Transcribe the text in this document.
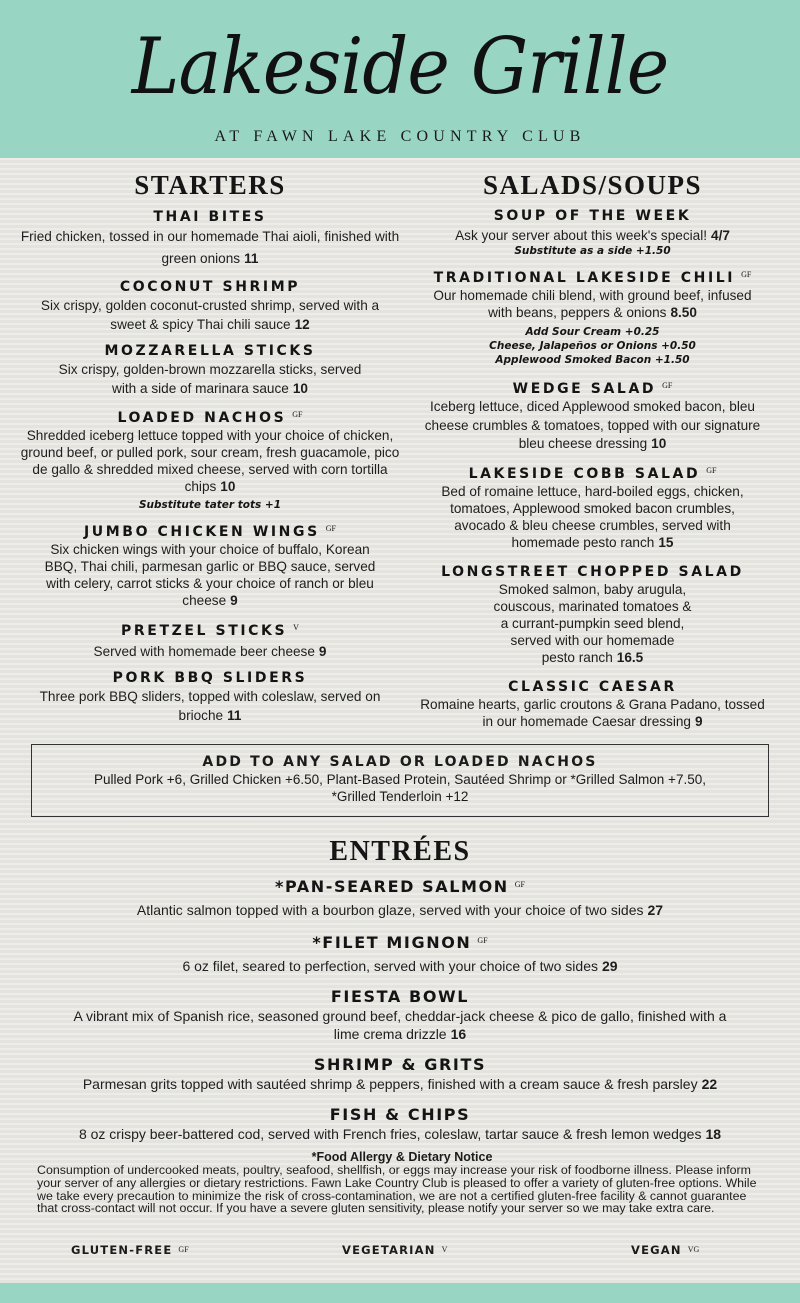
Lakeside Grille
AT FAWN LAKE COUNTRY CLUB
STARTERS
THAI BITES
Fried chicken, tossed in our homemade Thai aioli, finished with green onions 11
COCONUT SHRIMP
Six crispy, golden coconut-crusted shrimp, served with a sweet & spicy Thai chili sauce 12
MOZZARELLA STICKS
Six crispy, golden-brown mozzarella sticks, served with a side of marinara sauce 10
LOADED NACHOS $^{GF}$
Shredded iceberg lettuce topped with your choice of chicken, ground beef, or pulled pork, sour cream, fresh guacamole, pico de gallo & shredded mixed cheese, served with corn tortilla chips 10
Substitute tater tots +1
JUMBO CHICKEN WINGS $^{GF}$
Six chicken wings with your choice of buffalo, Korean BBQ, Thai chili, parmesan garlic or BBQ sauce, served with celery, carrot sticks & your choice of ranch or bleu cheese 9
PRETZEL STICKS $^V$
Served with homemade beer cheese 9
PORK BBQ SLIDERS
Three pork BBQ sliders, topped with coleslaw, served on brioche 11
SALADS/SOUPS
SOUP OF THE WEEK
Ask your server about this week's special! 4/7
Substitute as a side +1.50
TRADITIONAL LAKESIDE CHILI $^{GF}$
Our homemade chili blend, with ground beef, infused with beans, peppers & onions 8.50
Add Sour Cream +0.25
Cheese, Jalapeños or Onions +0.50
Applewood Smoked Bacon +1.50
WEDGE SALAD $^{GF}$
Iceberg lettuce, diced Applewood smoked bacon, bleu cheese crumbles & tomatoes, topped with our signature bleu cheese dressing 10
LAKESIDE COBB SALAD $^{GF}$
Bed of romaine lettuce, hard-boiled eggs, chicken, tomatoes, Applewood smoked bacon crumbles, avocado & bleu cheese crumbles, served with homemade pesto ranch 15
LONGSTREET CHOPPED SALAD
Smoked salmon, baby arugula, couscous, marinated tomatoes & a currant-pumpkin seed blend, served with our homemade pesto ranch 16.5
CLASSIC CAESAR
Romaine hearts, garlic croutons & Grana Padano, tossed in our homemade Caesar dressing 9
ADD TO ANY SALAD OR LOADED NACHOS
Pulled Pork +6, Grilled Chicken +6.50, Plant-Based Protein, Sautéed Shrimp or *Grilled Salmon +7.50,
*Grilled Tenderloin +12
ENTRÉES
*PAN-SEARED SALMON $^{GF}$
Atlantic salmon topped with a bourbon glaze, served with your choice of two sides 27
*FILET MIGNON $^{GF}$
6 oz filet, seared to perfection, served with your choice of two sides 29
FIESTA BOWL
A vibrant mix of Spanish rice, seasoned ground beef, cheddar-jack cheese & pico de gallo, finished with a lime crema drizzle 16
SHRIMP & GRITS
Parmesan grits topped with sautéed shrimp & peppers, finished with a cream sauce & fresh parsley 22
FISH & CHIPS
8 oz crispy beer-battered cod, served with French fries, coleslaw, tartar sauce & fresh lemon wedges 18
*Food Allergy & Dietary Notice
Consumption of undercooked meats, poultry, seafood, shellfish, or eggs may increase your risk of foodborne illness. Please inform your server of any allergies or dietary restrictions. Fawn Lake Country Club is pleased to offer a variety of gluten-free options. While we take every precaution to minimize the risk of cross-contamination, we are not a certified gluten-free facility & cannot guarantee that cross-contact will not occur. If you have a severe gluten sensitivity, please notify your server so we may take extra care.
GLUTEN-FREE GF	VEGETARIAN V	VEGAN VG
